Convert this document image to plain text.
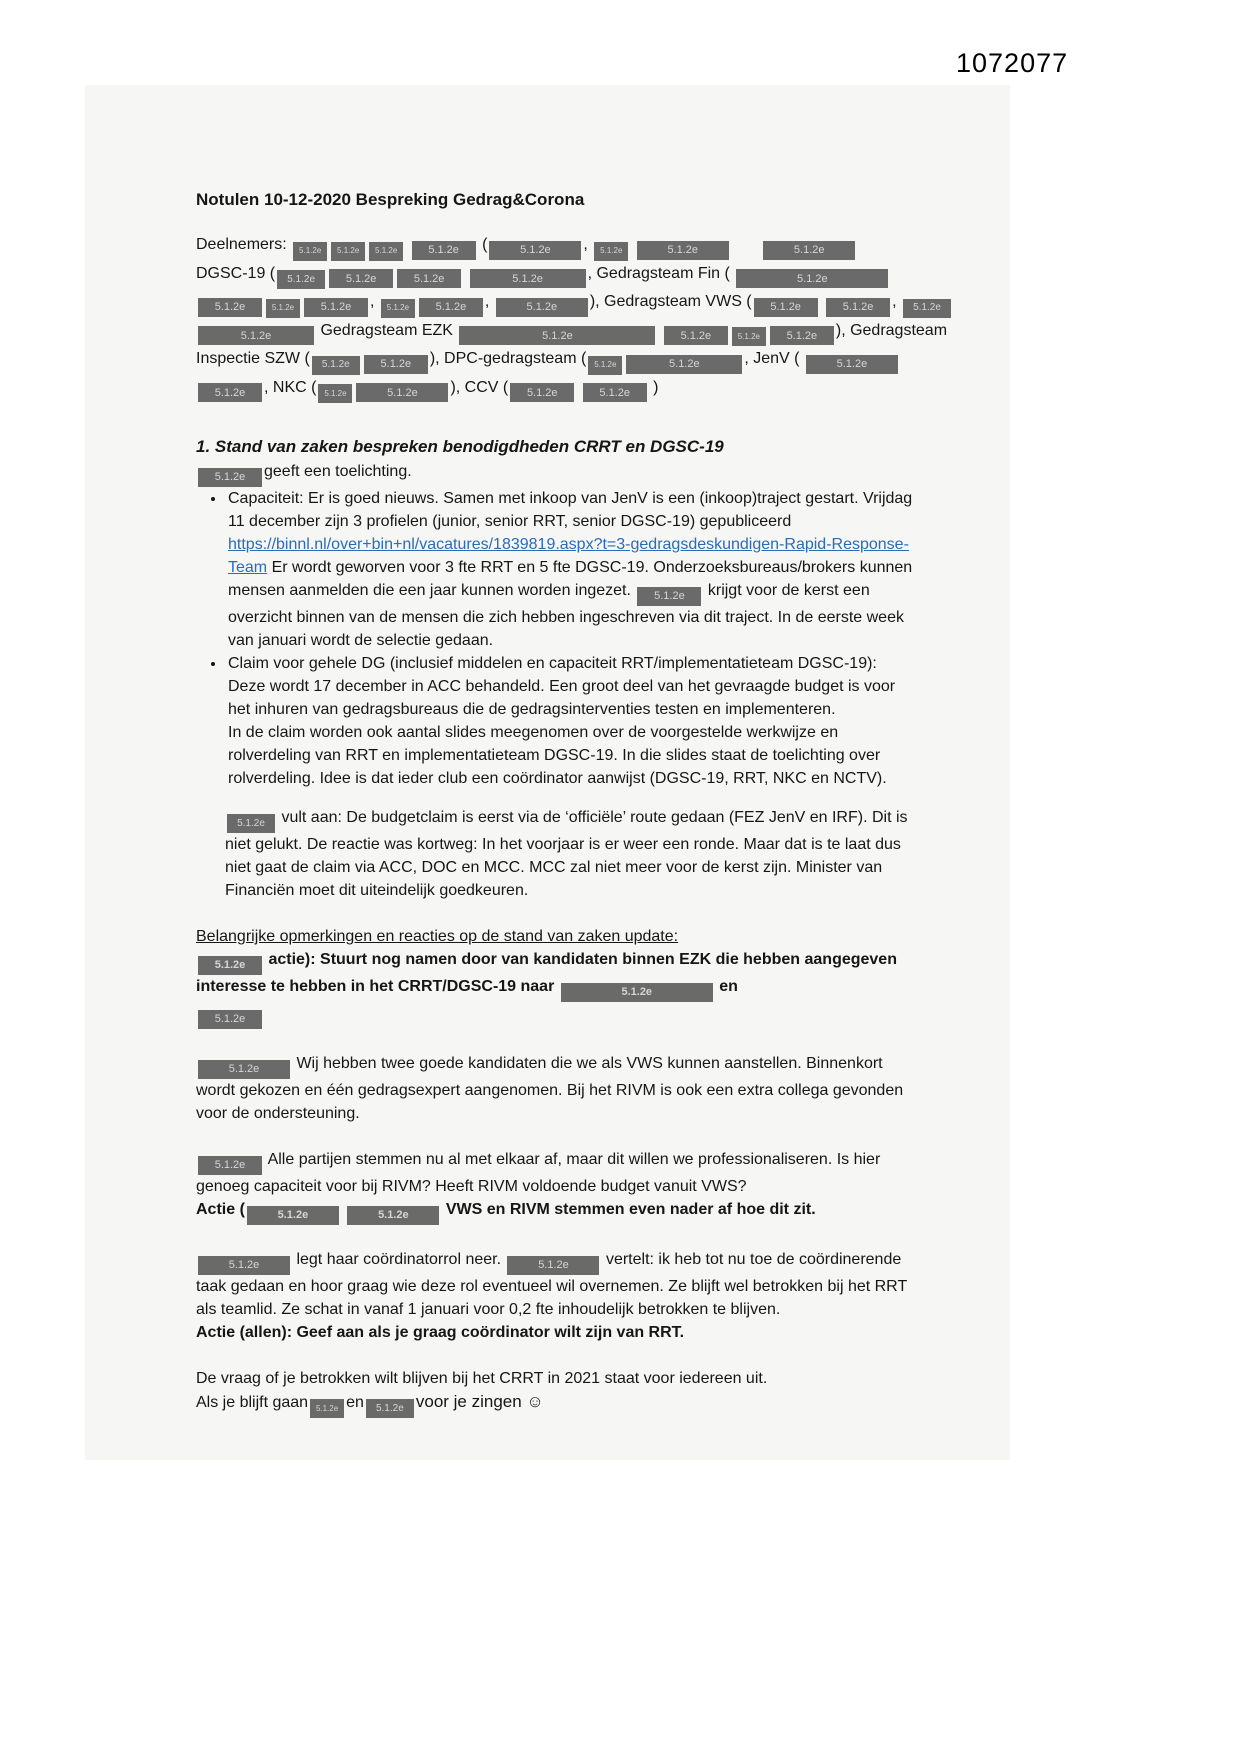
1072077
Notulen 10-12-2020 Bespreking Gedrag&Corona
Deelnemers: 5.1.2e 5.1.2e 5.1.2e	5.1.2e (	5.1.2e , 5.1.2e	5.1.2e	5.1.2e
DGSC-19 ( 5.1.2e	5.1.2e	5.1.2e	5.1.2e	, Gedragsteam Fin (	5.1.2e
5.1.2e	5.1.2e 5.1.2e , 5.1.2e 5.1.2e ,	5.1.2e ), Gedragsteam VWS ( 5.1.2e	5.1.2e , 5.1.2e
5.1.2e	Gedragsteam EZK	5.1.2e	5.1.2e	5.1.2e 5.1.2e ), Gedragsteam
Inspectie SZW ( 5.1.2e	5.1.2e ), DPC-gedragsteam ( 5.1.2e	5.1.2e	, JenV (	5.1.2e
5.1.2e , NKC ( 5.1.2e	5.1.2e ), CCV ( 5.1.2e	5.1.2e )
1. Stand van zaken bespreken benodigdheden CRRT en DGSC-19
5.1.2e geeft een toelichting.
• Capaciteit: Er is goed nieuws. Samen met inkoop van JenV is een (inkoop)traject gestart. Vrijdag 11 december zijn 3 profielen (junior, senior RRT, senior DGSC-19) gepubliceerd https://binnl.nl/over+bin+nl/vacatures/1839819.aspx?t=3-gedragsdeskundigen-Rapid-Response-Team Er wordt geworven voor 3 fte RRT en 5 fte DGSC-19. Onderzoeksbureaus/brokers kunnen mensen aanmelden die een jaar kunnen worden ingezet. 5.1.2e krijgt voor de kerst een overzicht binnen van de mensen die zich hebben ingeschreven via dit traject. In de eerste week van januari wordt de selectie gedaan.
• Claim voor gehele DG (inclusief middelen en capaciteit RRT/implementatieteam DGSC-19): Deze wordt 17 december in ACC behandeld. Een groot deel van het gevraagde budget is voor het inhuren van gedragsbureaus die de gedragsinterventies testen en implementeren.
In de claim worden ook aantal slides meegenomen over de voorgestelde werkwijze en rolverdeling van RRT en implementatieteam DGSC-19. In die slides staat de toelichting over rolverdeling. Idee is dat ieder club een coördinator aanwijst (DGSC-19, RRT, NKC en NCTV).
5.1.2e vult aan: De budgetclaim is eerst via de ‘officiële’ route gedaan (FEZ JenV en IRF). Dit is niet gelukt. De reactie was kortweg: In het voorjaar is er weer een ronde. Maar dat is te laat dus niet gaat de claim via ACC, DOC en MCC. MCC zal niet meer voor de kerst zijn. Minister van Financiën moet dit uiteindelijk goedkeuren.
Belangrijke opmerkingen en reacties op de stand van zaken update:
5.1.2e actie): Stuurt nog namen door van kandidaten binnen EZK die hebben aangegeven interesse te hebben in het CRRT/DGSC-19 naar	5.1.2e	en
5.1.2e
5.1.2e Wij hebben twee goede kandidaten die we als VWS kunnen aanstellen. Binnenkort wordt gekozen en één gedragsexpert aangenomen. Bij het RIVM is ook een extra collega gevonden voor de ondersteuning.
5.1.2e Alle partijen stemmen nu al met elkaar af, maar dit willen we professionaliseren. Is hier genoeg capaciteit voor bij RIVM? Heeft RIVM voldoende budget vanuit VWS?
Actie (	5.1.2e	5.1.2e VWS en RIVM stemmen even nader af hoe dit zit.
5.1.2e legt haar coördinatorrol neer.	5.1.2e vertelt: ik heb tot nu toe de coördinerende taak gedaan en hoor graag wie deze rol eventueel wil overnemen. Ze blijft wel betrokken bij het RRT als teamlid. Ze schat in vanaf 1 januari voor 0,2 fte inhoudelijk betrokken te blijven.
Actie (allen): Geef aan als je graag coördinator wilt zijn van RRT.
De vraag of je betrokken wilt blijven bij het CRRT in 2021 staat voor iedereen uit.
Als je blijft gaan 5.1.2e en 5.1.2e voor je zingen ☺
